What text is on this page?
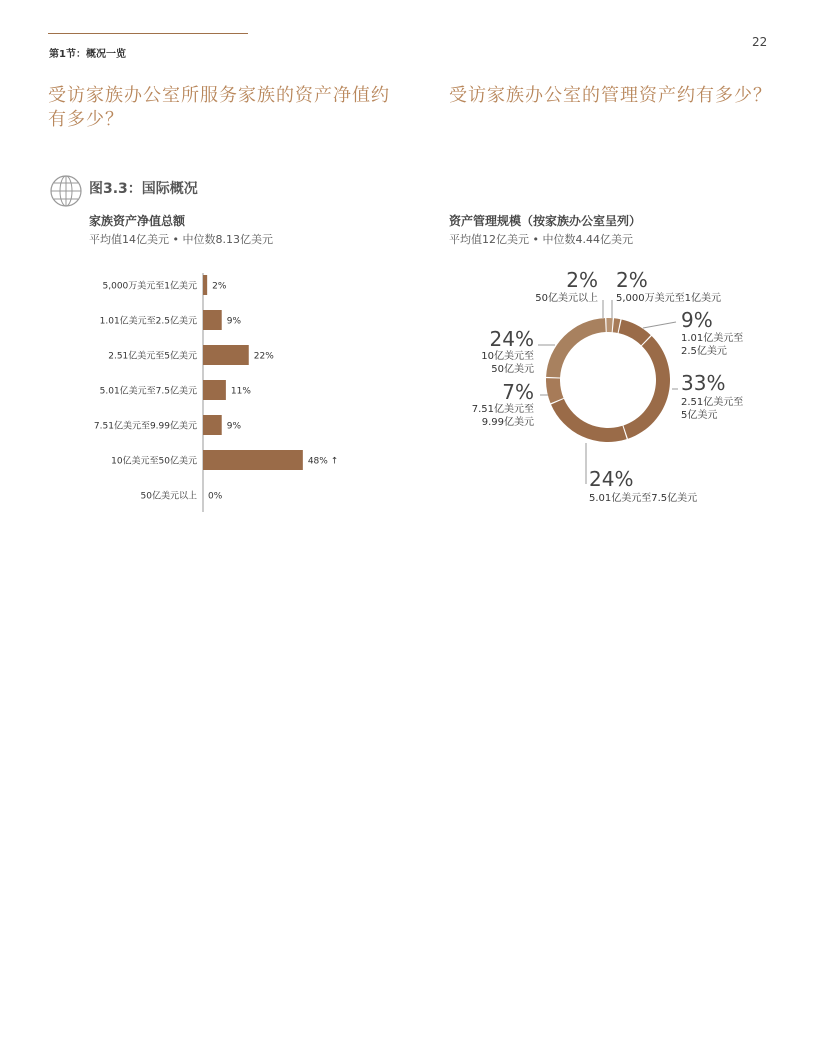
第1节：概况一览
22
受访家族办公室所服务家族的资产净值约有多少？
受访家族办公室的管理资产约有多少？
图3.3：国际概况
家族资产净值总额
平均值14亿美元 • 中位数8.13亿美元
资产管理规模（按家族办公室呈列）
平均值12亿美元 • 中位数4.44亿美元
5,000万美元至1亿美元 2%
1.01亿美元至2.5亿美元	9%
2.51亿美元至5亿美元	22%
5.01亿美元至7.5亿美元	11%
7.51亿美元至9.99亿美元	9%
10亿美元至50亿美元	48% ↑
50亿美元以上 0%
2%
5,000万美元至1亿美元
9%
1.01亿美元至 2.5亿美元
33%
2.51亿美元至 5亿美元
24%
5.01亿美元至7.5亿美元
7%
7.51亿美元至 9.99亿美元
24%
10亿美元至 50亿美元
2%
50亿美元以上
